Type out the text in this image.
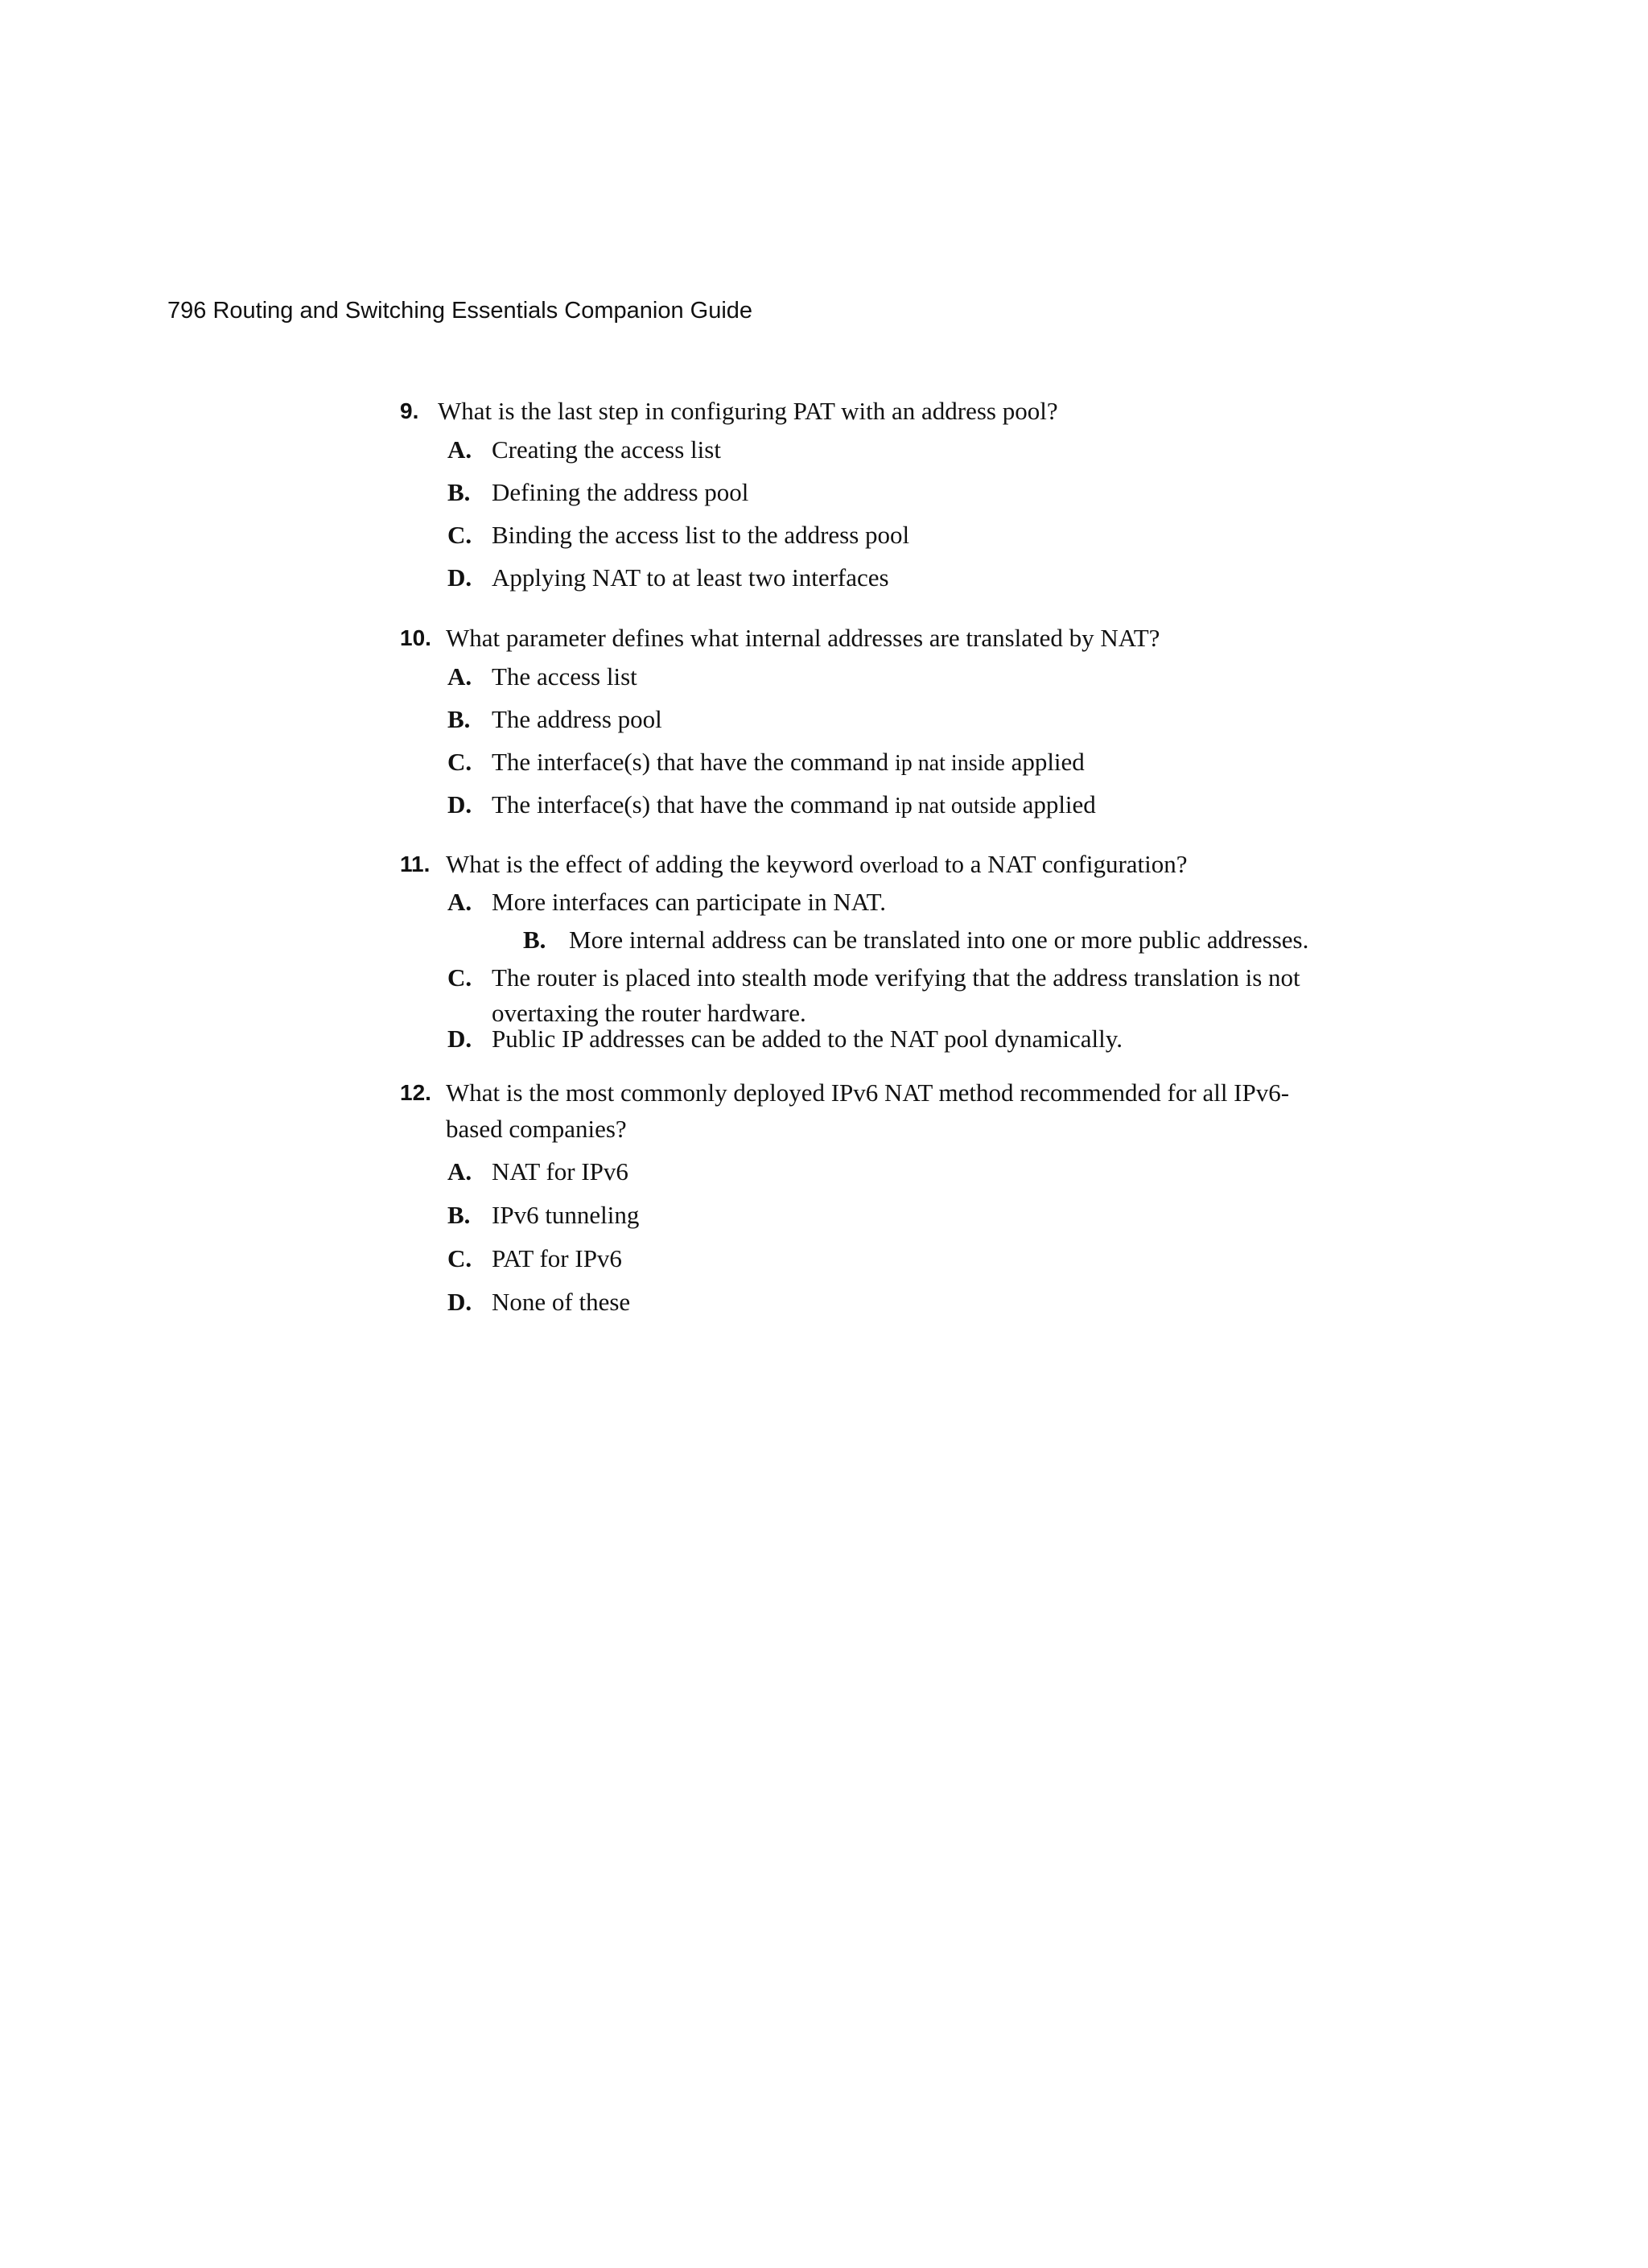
796 Routing and Switching Essentials Companion Guide
9. What is the last step in configuring PAT with an address pool?
A. Creating the access list
B. Defining the address pool
C. Binding the access list to the address pool
D. Applying NAT to at least two interfaces
10. What parameter defines what internal addresses are translated by NAT?
A. The access list
B. The address pool
C. The interface(s) that have the command ip nat inside applied
D. The interface(s) that have the command ip nat outside applied
11. What is the effect of adding the keyword overload to a NAT configuration?
A. More interfaces can participate in NAT.
B. More internal address can be translated into one or more public addresses.
C. The router is placed into stealth mode verifying that the address translation is not
overtaxing the router hardware.
D. Public IP addresses can be added to the NAT pool dynamically.
12. What is the most commonly deployed IPv6 NAT method recommended for all IPv6-
based companies?
A. NAT for IPv6
B. IPv6 tunneling
C. PAT for IPv6
D. None of these
